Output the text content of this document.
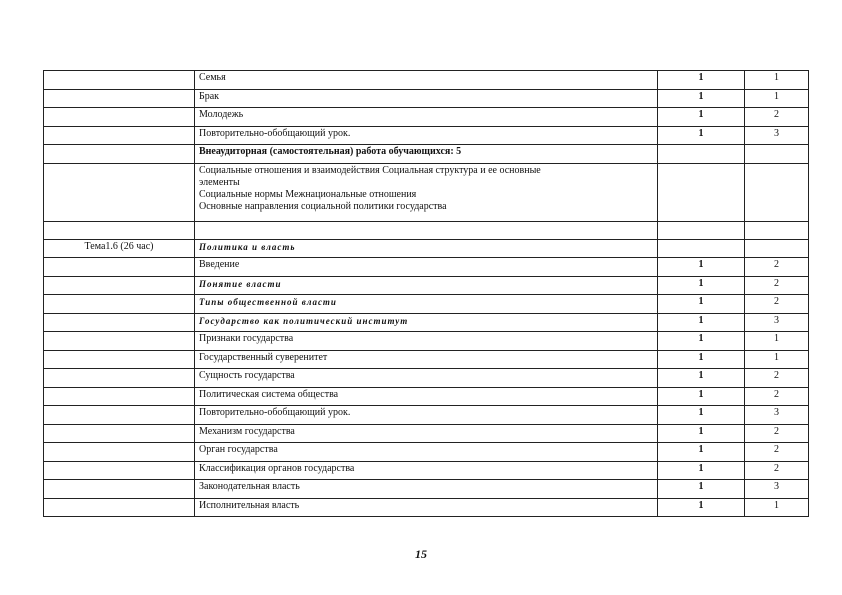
	Семья	1	1
	Брак	1	1
	Молодежь	1	2
	Повторительно-обобщающий урок.	1	3
	Внеаудиторная (самостоятельная) работа обучающихся: 5		

	Социальные отношения и взаимодействия Социальная структура и ее основные
элементы
Социальные нормы Межнациональные отношения
Основные направления социальной политики государства		

Тема1.6 (26 час)	Политика и власть		
	Введение	1	2
	Понятие власти	1	2
	Типы общественной власти	1	2
	Государство как политический институт	1	3
	Признаки государства	1	1
	Государственный суверенитет	1	1
	Сущность государства	1	2
	Политическая система общества	1	2
	Повторительно-обобщающий урок.	1	3
	Механизм государства	1	2
	Орган государства	1	2
	Классификация органов государства	1	2
	Законодательная власть	1	3
	Исполнительная власть	1	1
15
